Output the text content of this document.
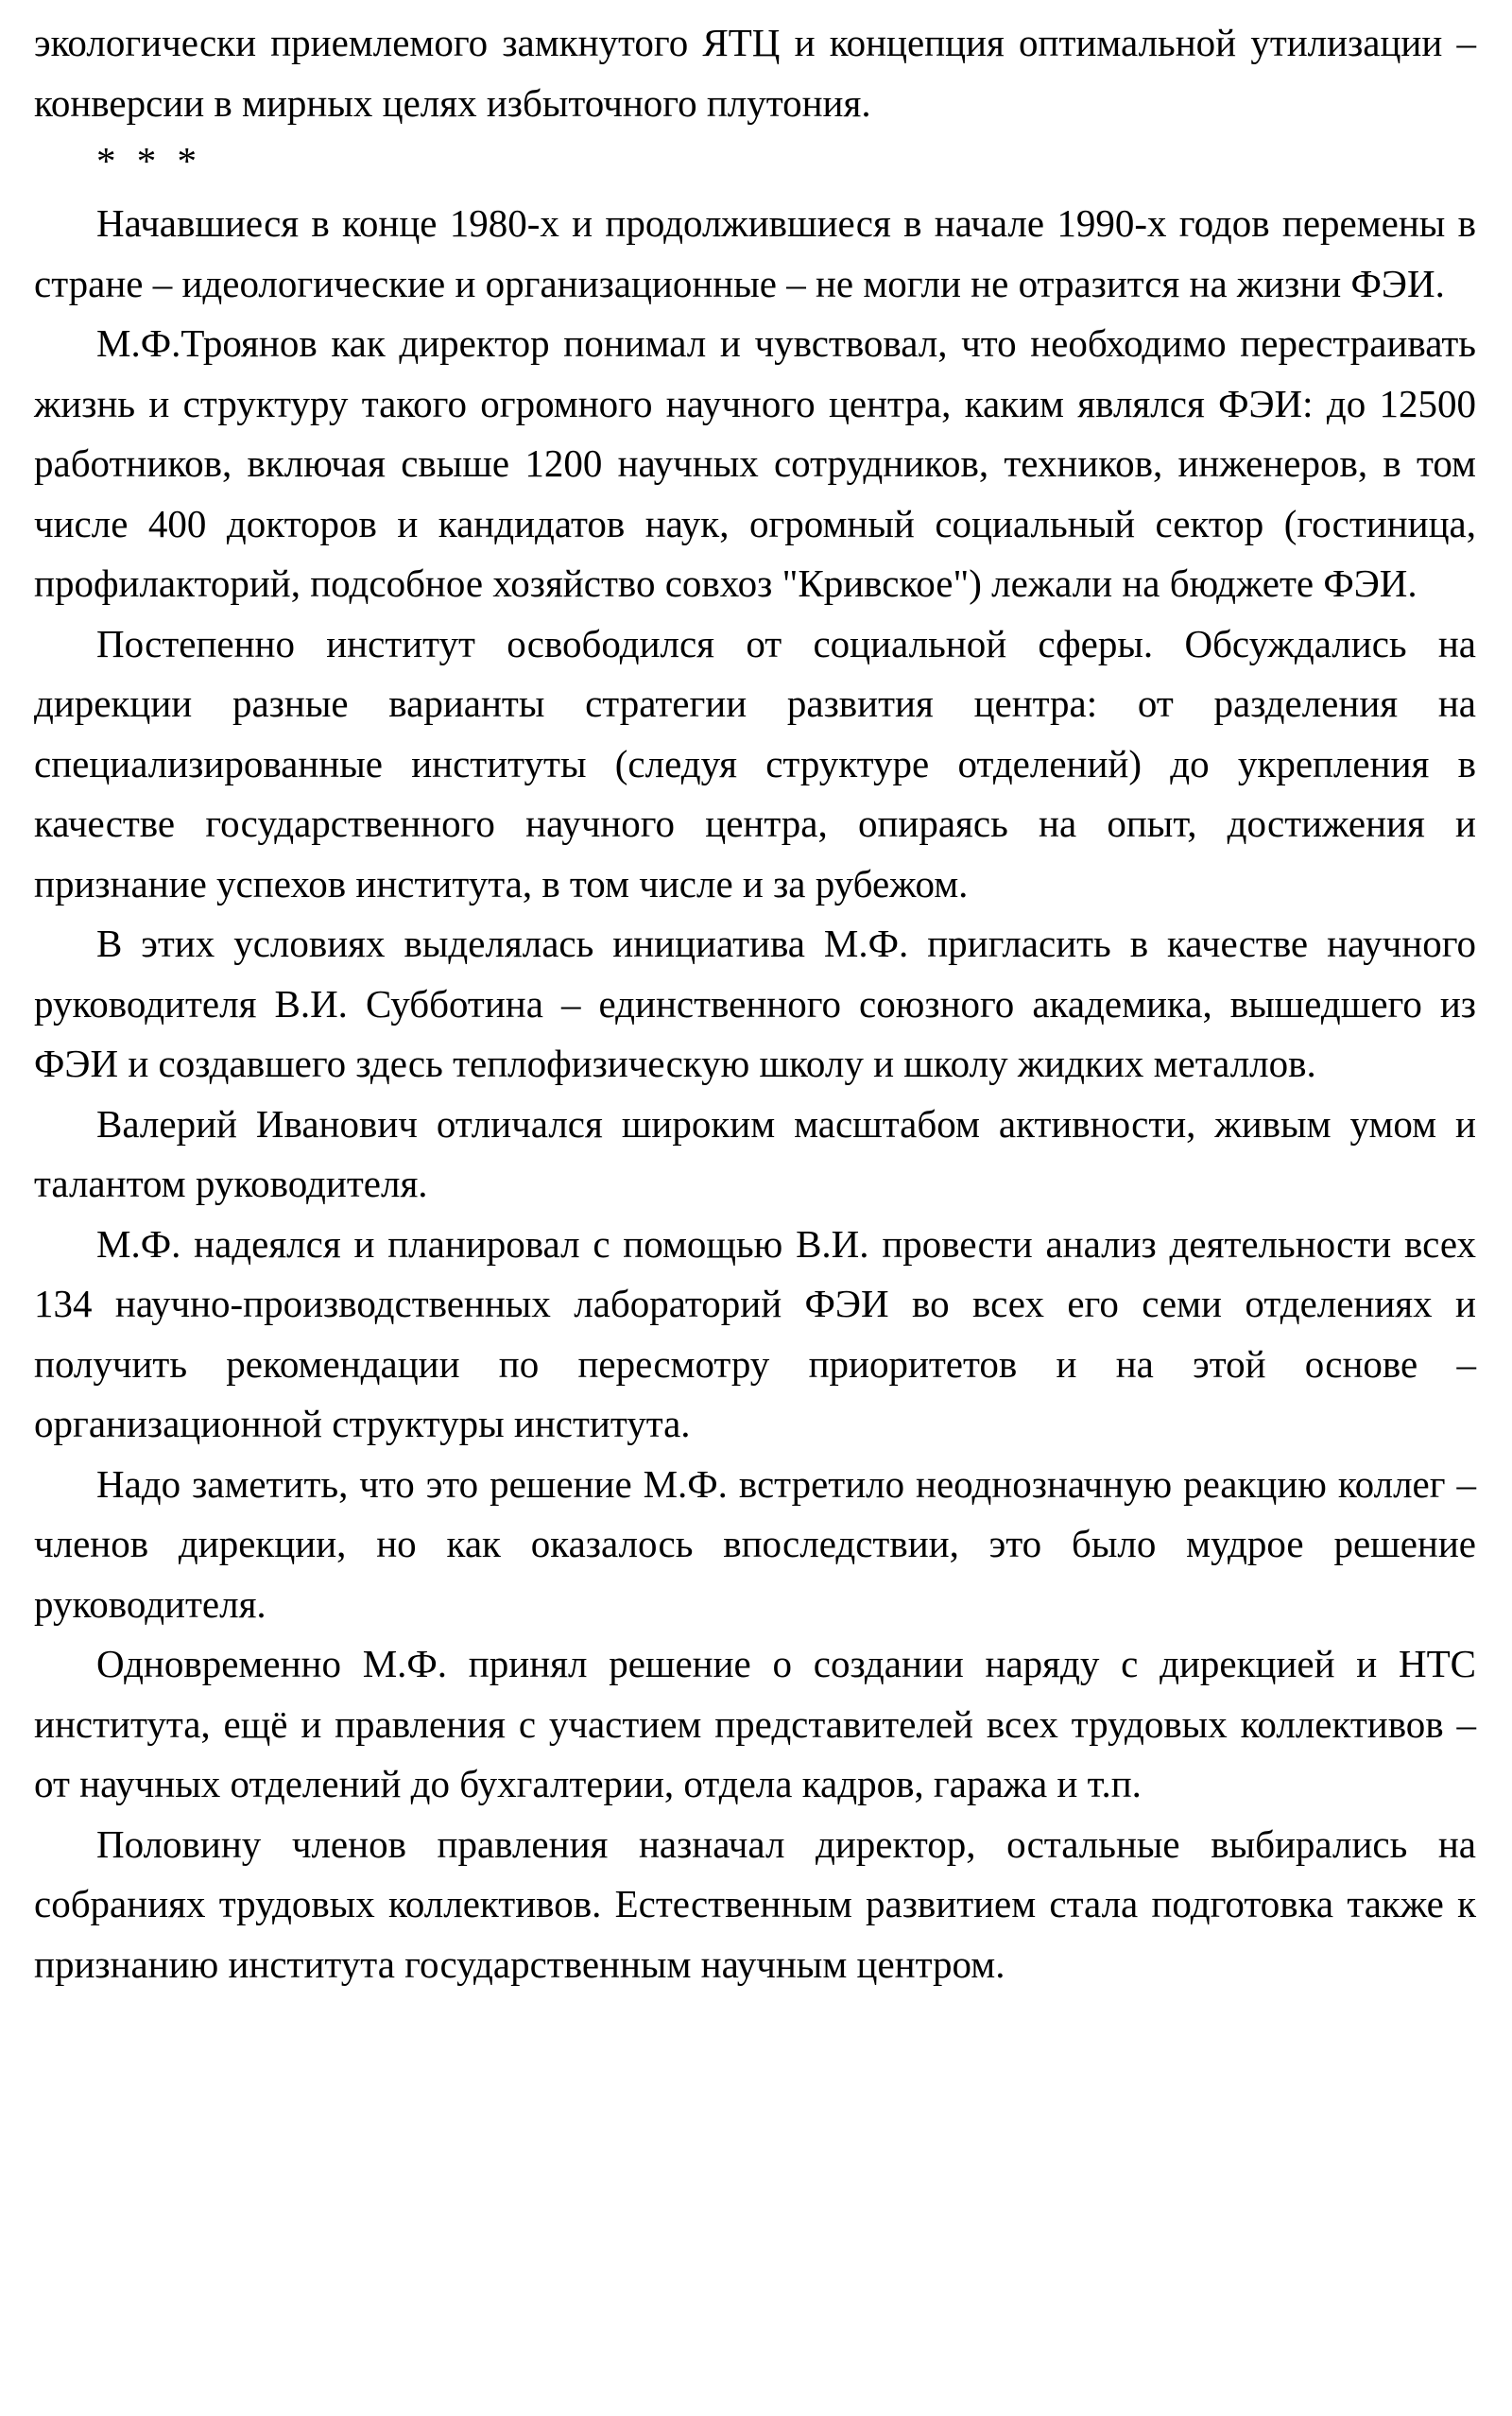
экологически приемлемого замкнутого ЯТЦ и концепция оптимальной утилизации – конверсии в мирных целях избыточного плутония.

* * *

Начавшиеся в конце 1980-х и продолжившиеся в начале 1990-х годов перемены в стране – идеологические и организационные – не могли не отразится на жизни ФЭИ.

М.Ф.Троянов как директор понимал и чувствовал, что необходимо перестраивать жизнь и структуру такого огромного научного центра, каким являлся ФЭИ: до 12500 работников, включая свыше 1200 научных сотрудников, техников, инженеров, в том числе 400 докторов и кандидатов наук, огромный социальный сектор (гостиница, профилакторий, подсобное хозяйство совхоз "Кривское") лежали на бюджете ФЭИ.

Постепенно институт освободился от социальной сферы. Обсуждались на дирекции разные варианты стратегии развития центра: от разделения на специализированные институты (следуя структуре отделений) до укрепления в качестве государственного научного центра, опираясь на опыт, достижения и признание успехов института, в том числе и за рубежом.

В этих условиях выделялась инициатива М.Ф. пригласить в качестве научного руководителя В.И. Субботина – единственного союзного академика, вышедшего из ФЭИ и создавшего здесь теплофизическую школу и школу жидких металлов.

Валерий Иванович отличался широким масштабом активности, живым умом и талантом руководителя.

М.Ф. надеялся и планировал с помощью В.И. провести анализ деятельности всех 134 научно-производственных лабораторий ФЭИ во всех его семи отделениях и получить рекомендации по пересмотру приоритетов и на этой основе – организационной структуры института.

Надо заметить, что это решение М.Ф. встретило неоднозначную реакцию коллег – членов дирекции, но как оказалось впоследствии, это было мудрое решение руководителя.

Одновременно М.Ф. принял решение о создании наряду с дирекцией и НТС института, ещё и правления с участием представителей всех трудовых коллективов – от научных отделений до бухгалтерии, отдела кадров, гаража и т.п.

Половину членов правления назначал директор, остальные выбирались на собраниях трудовых коллективов. Естественным развитием стала подготовка также к признанию института государственным научным центром.
